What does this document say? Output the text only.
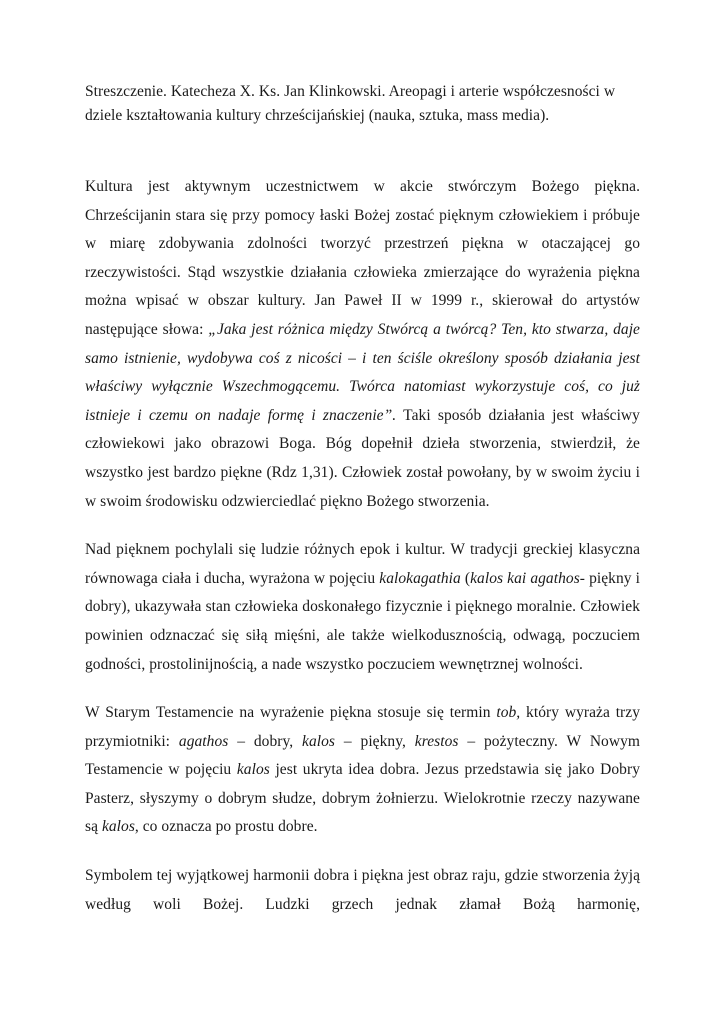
Streszczenie. Katecheza X. Ks. Jan Klinkowski. Areopagi i arterie współczesności w dziele kształtowania kultury chrześcijańskiej (nauka, sztuka, mass media).

Kultura jest aktywnym uczestnictwem w akcie stwórczym Bożego piękna. Chrześcijanin stara się przy pomocy łaski Bożej zostać pięknym człowiekiem i próbuje w miarę zdobywania zdolności tworzyć przestrzeń piękna w otaczającej go rzeczywistości. Stąd wszystkie działania człowieka zmierzające do wyrażenia piękna można wpisać w obszar kultury. Jan Paweł II w 1999 r., skierował do artystów następujące słowa: „Jaka jest różnica między Stwórcą a twórcą? Ten, kto stwarza, daje samo istnienie, wydobywa coś z nicości – i ten ściśle określony sposób działania jest właściwy wyłącznie Wszechmogącemu. Twórca natomiast wykorzystuje coś, co już istnieje i czemu on nadaje formę i znaczenie”. Taki sposób działania jest właściwy człowiekowi jako obrazowi Boga. Bóg dopełnił dzieła stworzenia, stwierdził, że wszystko jest bardzo piękne (Rdz 1,31). Człowiek został powołany, by w swoim życiu i w swoim środowisku odzwierciedlać piękno Bożego stworzenia.

Nad pięknem pochylali się ludzie różnych epok i kultur. W tradycji greckiej klasyczna równowaga ciała i ducha, wyrażona w pojęciu kalokagathia (kalos kai agathos- piękny i dobry), ukazywała stan człowieka doskonałego fizycznie i pięknego moralnie. Człowiek powinien odznaczać się siłą mięśni, ale także wielkodusznością, odwagą, poczuciem godności, prostolinijnością, a nade wszystko poczuciem wewnętrznej wolności.

W Starym Testamencie na wyrażenie piękna stosuje się termin tob, który wyraża trzy przymiotniki: agathos – dobry, kalos – piękny, krestos – pożyteczny. W Nowym Testamencie w pojęciu kalos jest ukryta idea dobra. Jezus przedstawia się jako Dobry Pasterz, słyszymy o dobrym słudze, dobrym żołnierzu. Wielokrotnie rzeczy nazywane są kalos, co oznacza po prostu dobre.

Symbolem tej wyjątkowej harmonii dobra i piękna jest obraz raju, gdzie stworzenia żyją według woli Bożej. Ludzki grzech jednak złamał Bożą harmonię,
